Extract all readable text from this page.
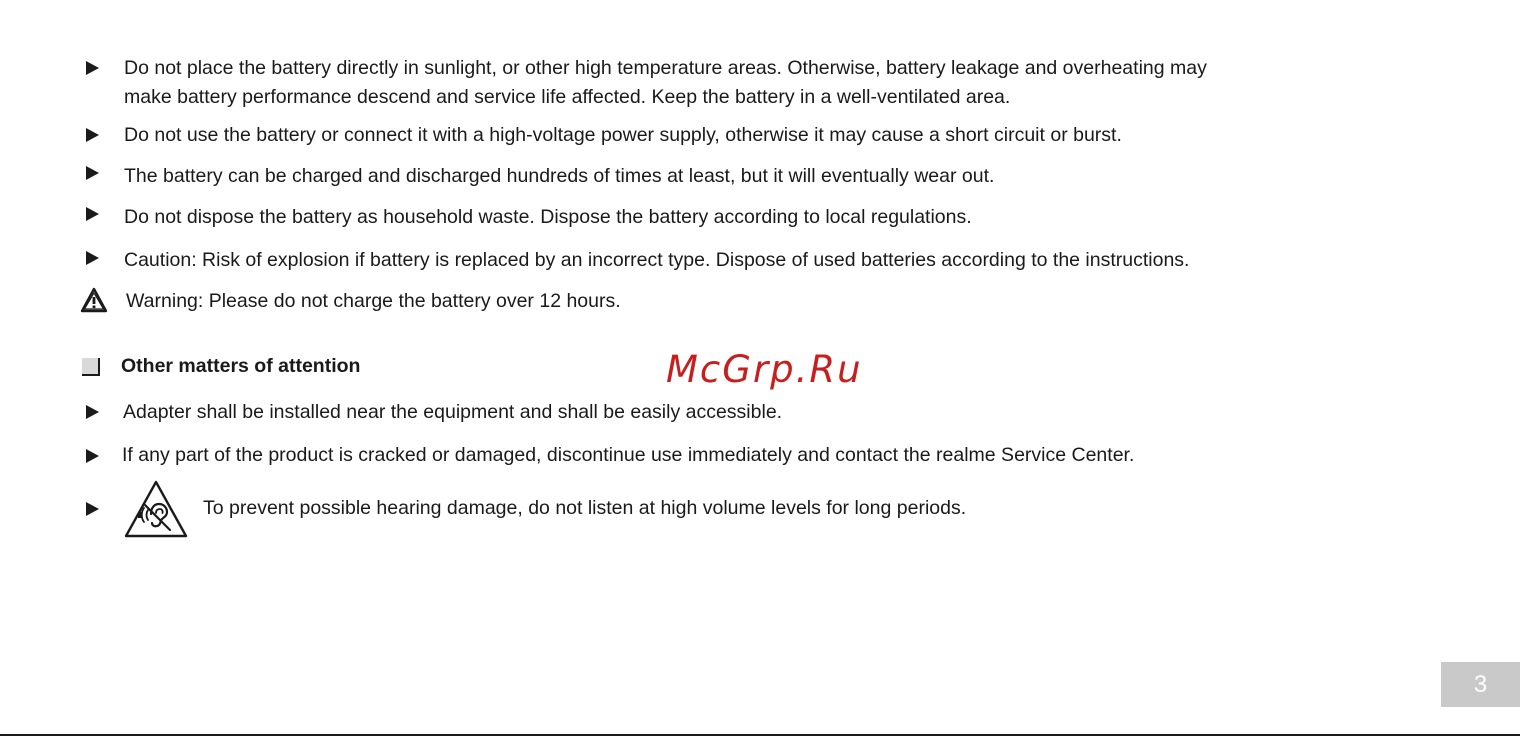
Do not place the battery directly in sunlight, or other high temperature areas. Otherwise, battery leakage and overheating may
make battery performance descend and service life affected. Keep the battery in a well-ventilated area.
Do not use the battery or connect it with a high-voltage power supply, otherwise it may cause a short circuit or burst.
The battery can be charged and discharged hundreds of times at least, but it will eventually wear out.
Do not dispose the battery as household waste. Dispose the battery according to local regulations.
Caution: Risk of explosion if battery is replaced by an incorrect type. Dispose of used batteries according to the instructions.
Warning: Please do not charge the battery over 12 hours.
Other matters of attention	McGrp.Ru
Adapter shall be installed near the equipment and shall be easily accessible.
If any part of the product is cracked or damaged, discontinue use immediately and contact the realme Service Center.
To prevent possible hearing damage, do not listen at high volume levels for long periods.
3
